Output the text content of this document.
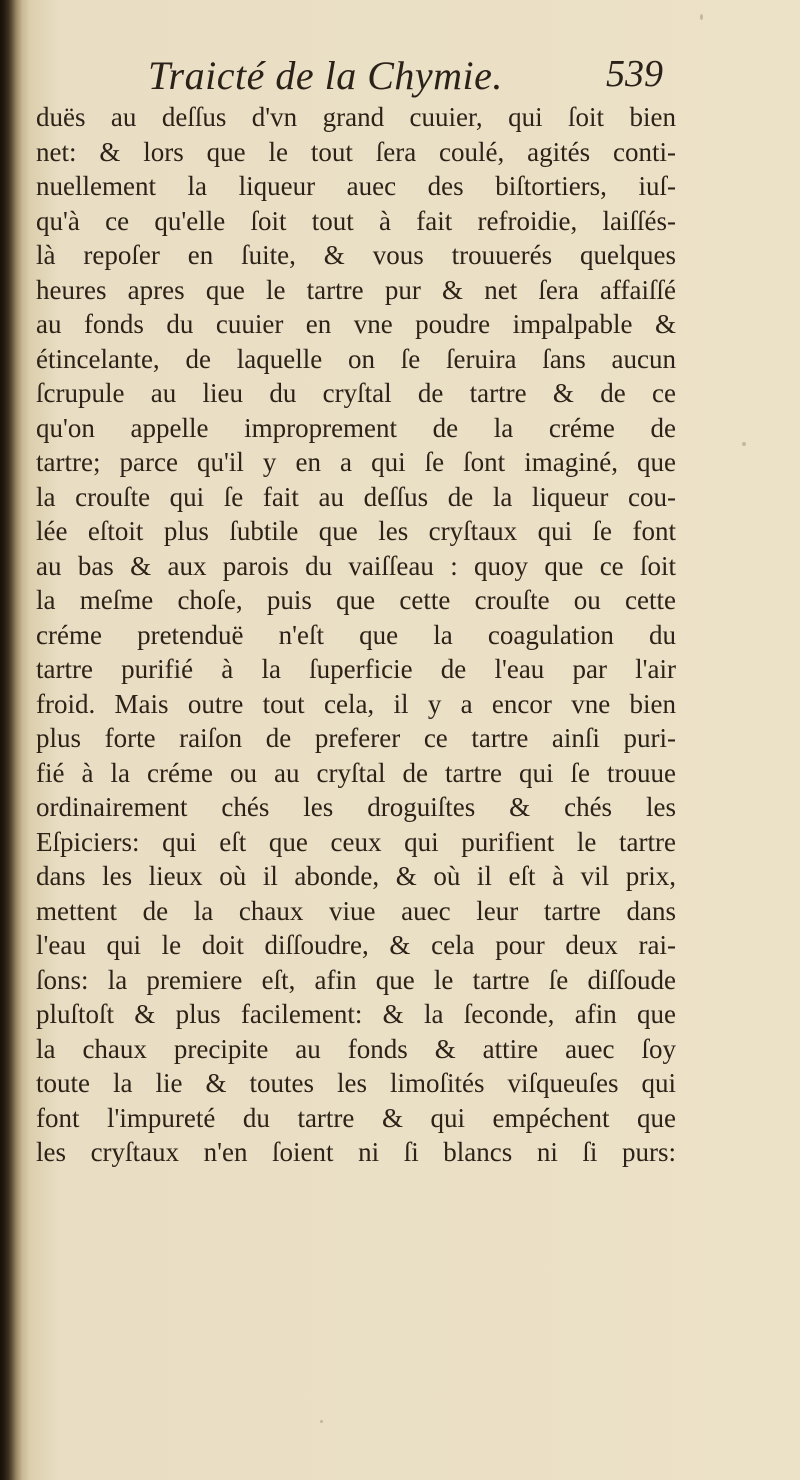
Traicté de la Chymie.	539
duës au deſſus d'vn grand cuuier, qui ſoit bien
net: & lors que le tout ſera coulé, agités conti-
nuellement la liqueur auec des biſtortiers, iuſ-
qu'à ce qu'elle ſoit tout à fait refroidie, laiſſés-
là repoſer en ſuite, & vous trouuerés quelques
heures apres que le tartre pur & net ſera affaiſſé
au fonds du cuuier en vne poudre impalpable &
étincelante, de laquelle on ſe ſeruira ſans aucun
ſcrupule au lieu du cryſtal de tartre & de ce
qu'on appelle improprement de la créme de
tartre; parce qu'il y en a qui ſe ſont imaginé, que
la crouſte qui ſe fait au deſſus de la liqueur cou-
lée eſtoit plus ſubtile que les cryſtaux qui ſe font
au bas & aux parois du vaiſſeau : quoy que ce ſoit
la meſme choſe, puis que cette crouſte ou cette
créme pretenduë n'eſt que la coagulation du
tartre purifié à la ſuperficie de l'eau par l'air
froid. Mais outre tout cela, il y a encor vne bien
plus forte raiſon de preferer ce tartre ainſi puri-
fié à la créme ou au cryſtal de tartre qui ſe trouue
ordinairement chés les droguiſtes & chés les
Eſpiciers: qui eſt que ceux qui purifient le tartre
dans les lieux où il abonde, & où il eſt à vil prix,
mettent de la chaux viue auec leur tartre dans
l'eau qui le doit diſſoudre, & cela pour deux rai-
ſons: la premiere eſt, afin que le tartre ſe diſſoude
pluſtoſt & plus facilement: & la ſeconde, afin que
la chaux precipite au fonds & attire auec ſoy
toute la lie & toutes les limoſités viſqueuſes qui
font l'impureté du tartre & qui empéchent que
les cryſtaux n'en ſoient ni ſi blancs ni ſi purs:
